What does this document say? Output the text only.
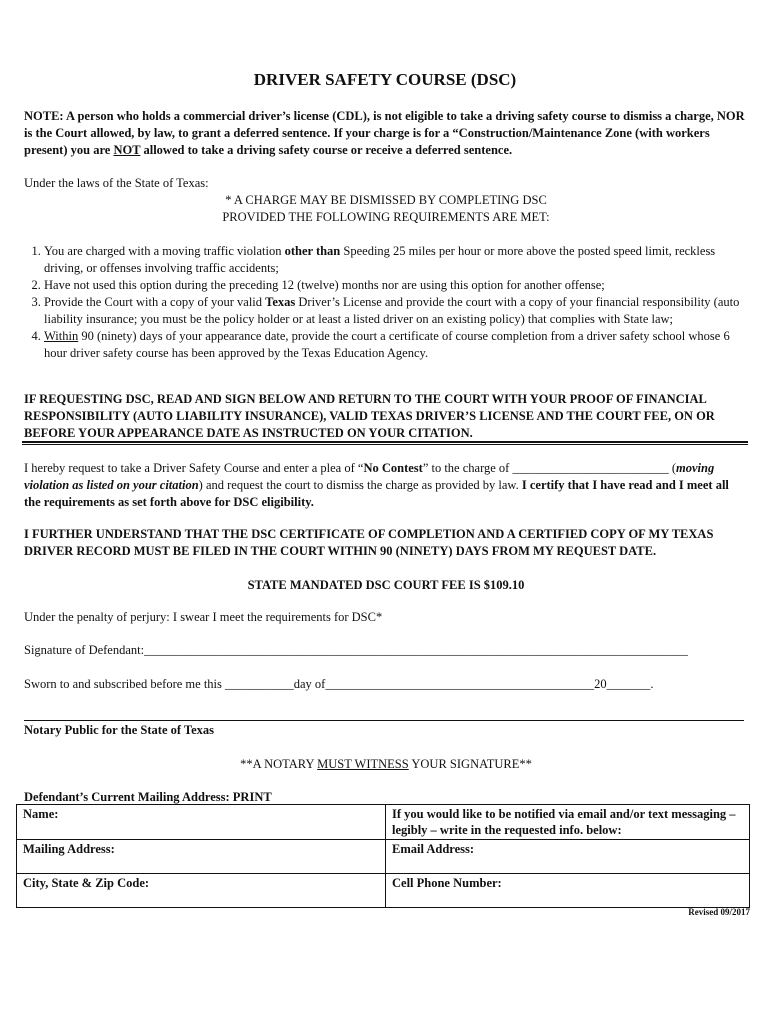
DRIVER SAFETY COURSE (DSC)
NOTE: A person who holds a commercial driver’s license (CDL), is not eligible to take a driving safety course to dismiss a charge, NOR is the Court allowed, by law, to grant a deferred sentence. If your charge is for a “Construction/Maintenance Zone (with workers present) you are NOT allowed to take a driving safety course or receive a deferred sentence.
Under the laws of the State of Texas:
* A CHARGE MAY BE DISMISSED BY COMPLETING DSC
PROVIDED THE FOLLOWING REQUIREMENTS ARE MET:
1. You are charged with a moving traffic violation other than Speeding 25 miles per hour or more above the posted speed limit, reckless driving, or offenses involving traffic accidents;
2. Have not used this option during the preceding 12 (twelve) months nor are using this option for another offense;
3. Provide the Court with a copy of your valid Texas Driver’s License and provide the court with a copy of your financial responsibility (auto liability insurance; you must be the policy holder or at least a listed driver on an existing policy) that complies with State law;
4. Within 90 (ninety) days of your appearance date, provide the court a certificate of course completion from a driver safety school whose 6 hour driver safety course has been approved by the Texas Education Agency.
IF REQUESTING DSC, READ AND SIGN BELOW AND RETURN TO THE COURT WITH YOUR PROOF OF FINANCIAL RESPONSIBILITY (AUTO LIABILITY INSURANCE), VALID TEXAS DRIVER’S LICENSE AND THE COURT FEE, ON OR BEFORE YOUR APPEARANCE DATE AS INSTRUCTED ON YOUR CITATION.
I hereby request to take a Driver Safety Course and enter a plea of “No Contest” to the charge of _________________________ (moving violation as listed on your citation) and request the court to dismiss the charge as provided by law. I certify that I have read and I meet all the requirements as set forth above for DSC eligibility.
I FURTHER UNDERSTAND THAT THE DSC CERTIFICATE OF COMPLETION AND A CERTIFIED COPY OF MY TEXAS DRIVER RECORD MUST BE FILED IN THE COURT WITHIN 90 (NINETY) DAYS FROM MY REQUEST DATE.
STATE MANDATED DSC COURT FEE IS $109.10
Under the penalty of perjury: I swear I meet the requirements for DSC*
Signature of Defendant:_______________________________________________________________________________________
Sworn to and subscribed before me this ___________day of___________________________________________20_______.
Notary Public for the State of Texas
**A NOTARY MUST WITNESS YOUR SIGNATURE**
Defendant’s Current Mailing Address: PRINT
Name:	If you would like to be notified via email and/or text messaging – legibly – write in the requested info. below:
Mailing Address:	Email Address:
City, State & Zip Code:	Cell Phone Number:
Revised 09/2017
